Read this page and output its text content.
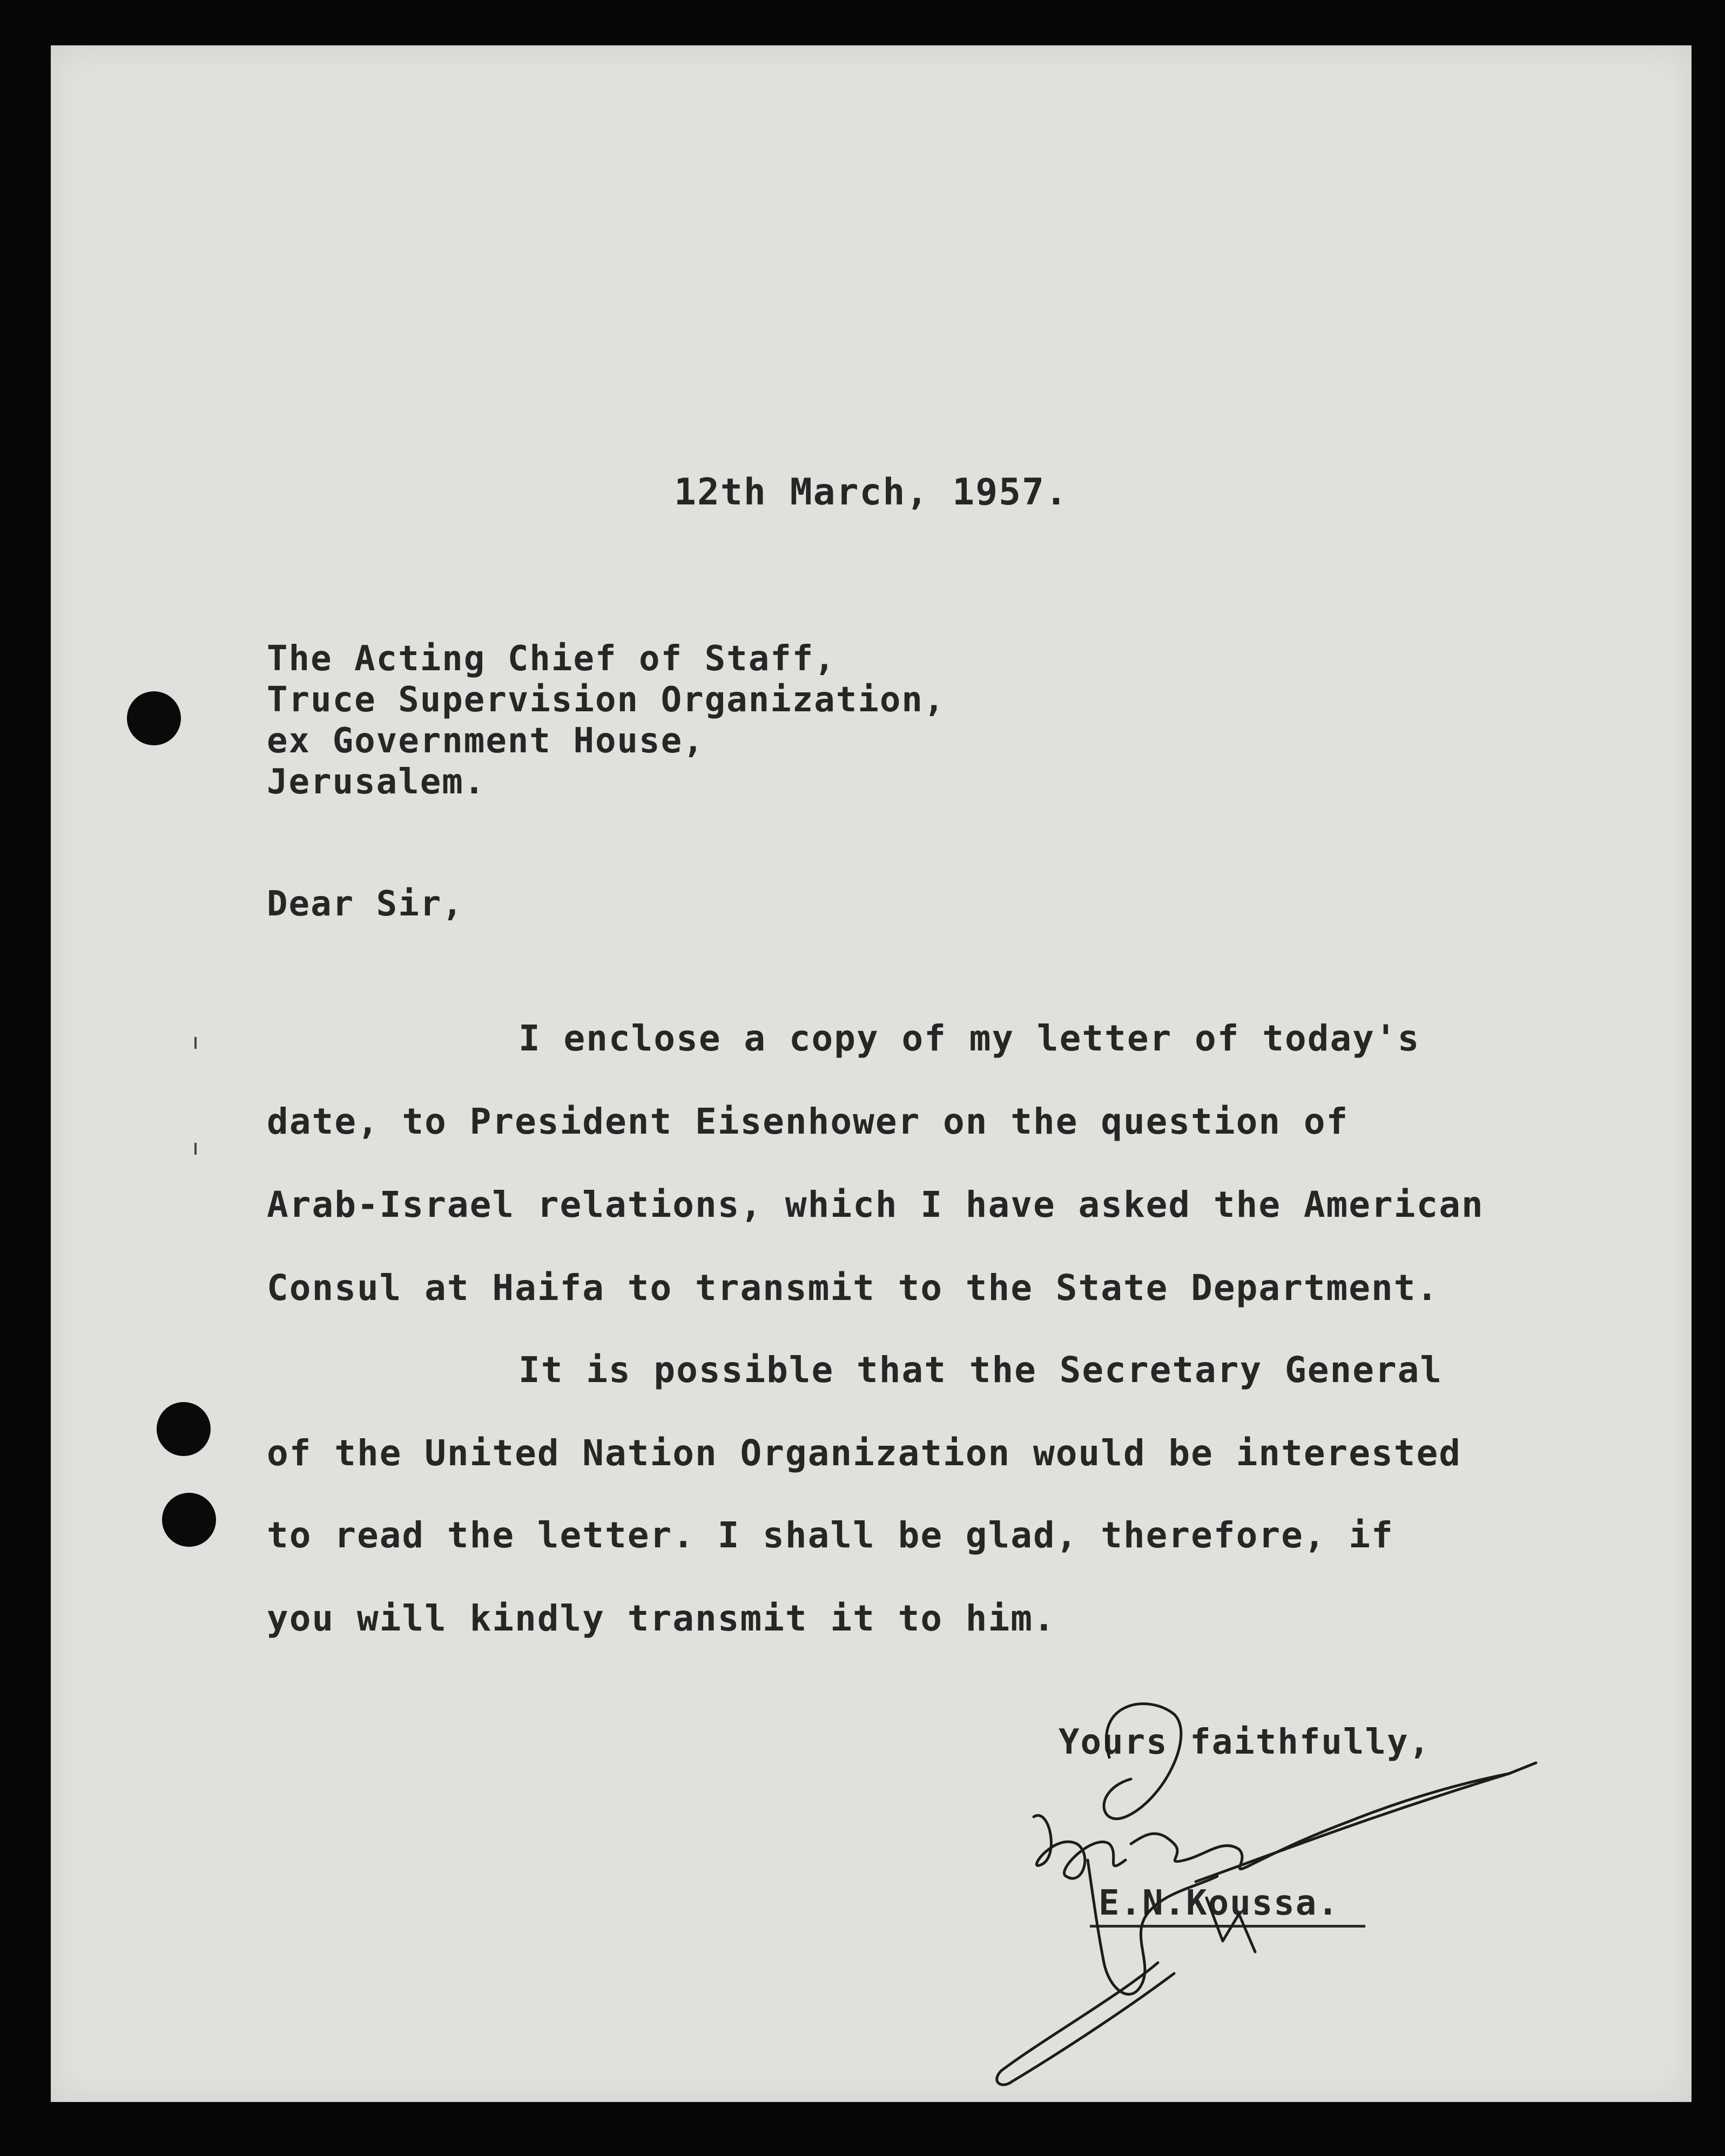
12th March, 1957.
The Acting Chief of Staff,
Truce Supervision Organization,
ex Government House,
Jerusalem.
Dear Sir,
I enclose a copy of my letter of today's
date, to President Eisenhower on the question of
Arab-Israel relations, which I have asked the American
Consul at Haifa to transmit to the State Department.
It is possible that the Secretary General
of the United Nation Organization would be interested
to read the letter. I shall be glad, therefore, if
you will kindly transmit it to him.
Yours faithfully,
E.N.Koussa.
